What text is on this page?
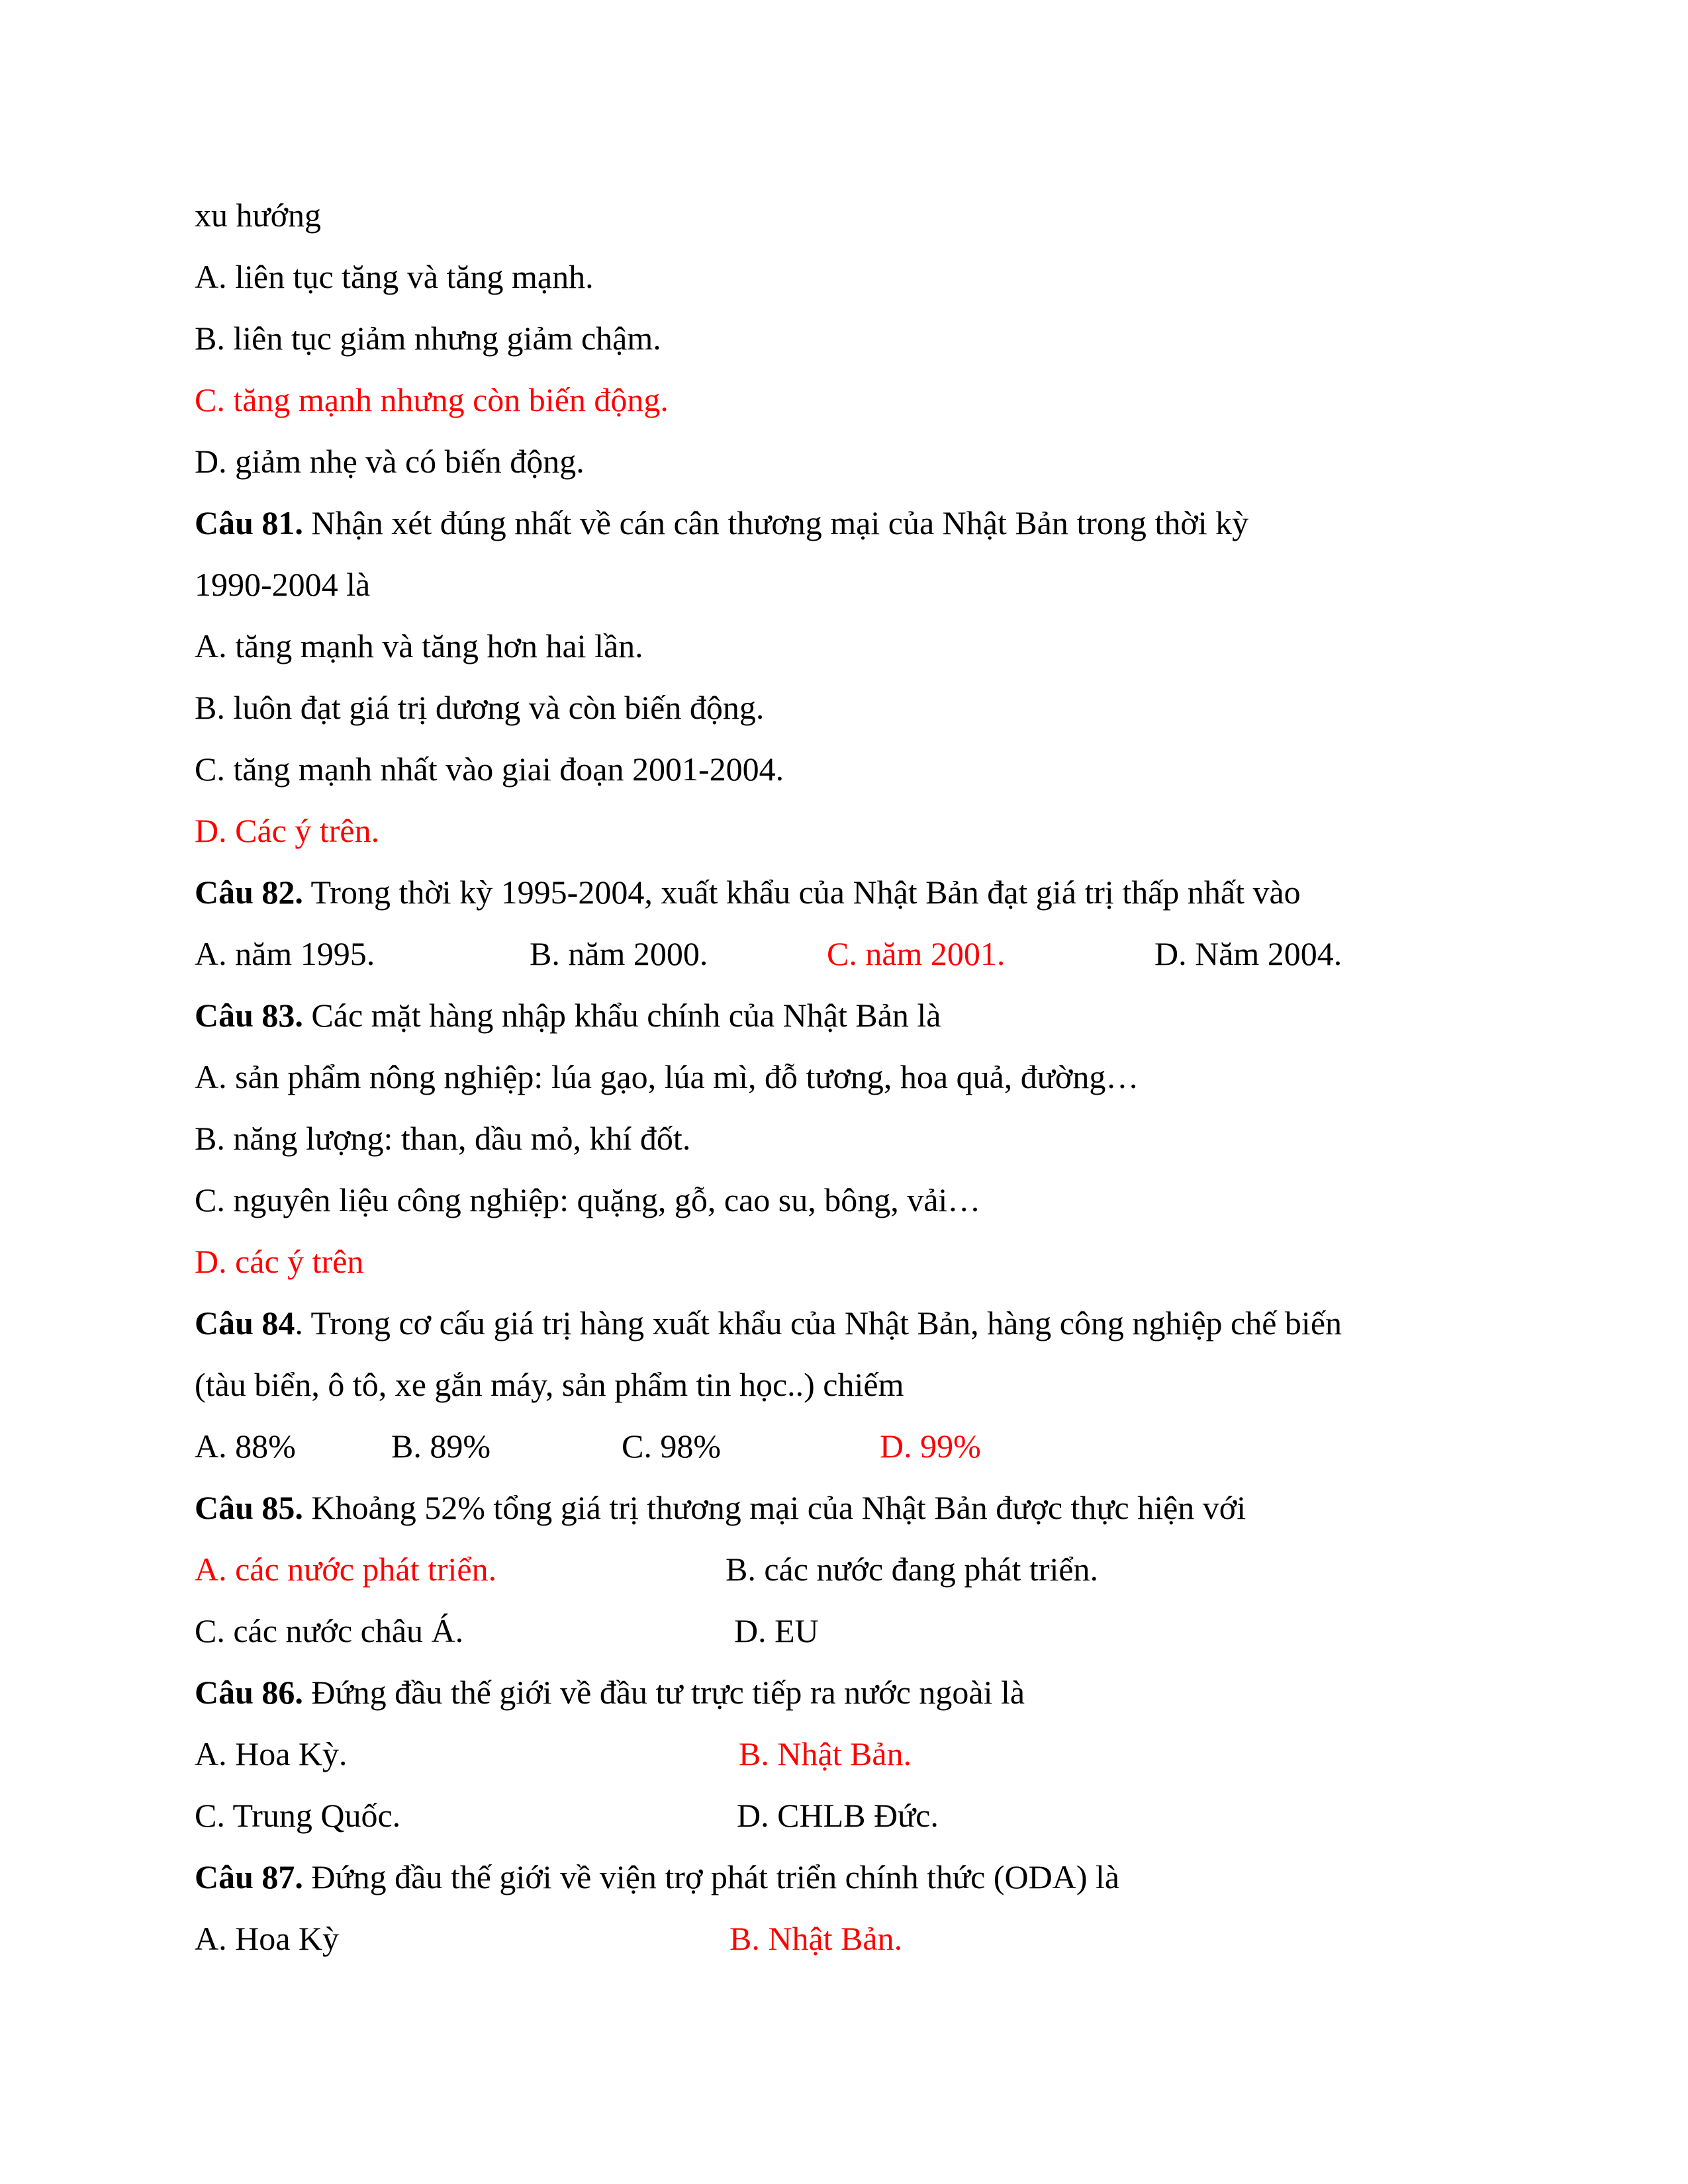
xu hướng
A. liên tục tăng và tăng mạnh.
B. liên tục giảm nhưng giảm chậm.
C. tăng mạnh nhưng còn biến động.
D. giảm nhẹ và có biến động.
Câu 81. Nhận xét đúng nhất về cán cân thương mại của Nhật Bản trong thời kỳ
1990-2004 là
A. tăng mạnh và tăng hơn hai lần.
B. luôn đạt giá trị dương và còn biến động.
C. tăng mạnh nhất vào giai đoạn 2001-2004.
D. Các ý trên.
Câu 82. Trong thời kỳ 1995-2004, xuất khẩu của Nhật Bản đạt giá trị thấp nhất vào
A. năm 1995.	B. năm 2000.	C. năm 2001.	D. Năm 2004.
Câu 83. Các mặt hàng nhập khẩu chính của Nhật Bản là
A. sản phẩm nông nghiệp: lúa gạo, lúa mì, đỗ tương, hoa quả, đường…
B. năng lượng: than, dầu mỏ, khí đốt.
C. nguyên liệu công nghiệp: quặng, gỗ, cao su, bông, vải…
D. các ý trên
Câu 84. Trong cơ cấu giá trị hàng xuất khẩu của Nhật Bản, hàng công nghiệp chế biến
(tàu biển, ô tô, xe gắn máy, sản phẩm tin học..) chiếm
A. 88%	B. 89%	C. 98%	D. 99%
Câu 85. Khoảng 52% tổng giá trị thương mại của Nhật Bản được thực hiện với
A. các nước phát triển.	B. các nước đang phát triển.
C. các nước châu Á.	D. EU
Câu 86. Đứng đầu thế giới về đầu tư trực tiếp ra nước ngoài là
A. Hoa Kỳ.	B. Nhật Bản.
C. Trung Quốc.	D. CHLB Đức.
Câu 87. Đứng đầu thế giới về viện trợ phát triển chính thức (ODA) là
A. Hoa Kỳ	B. Nhật Bản.
